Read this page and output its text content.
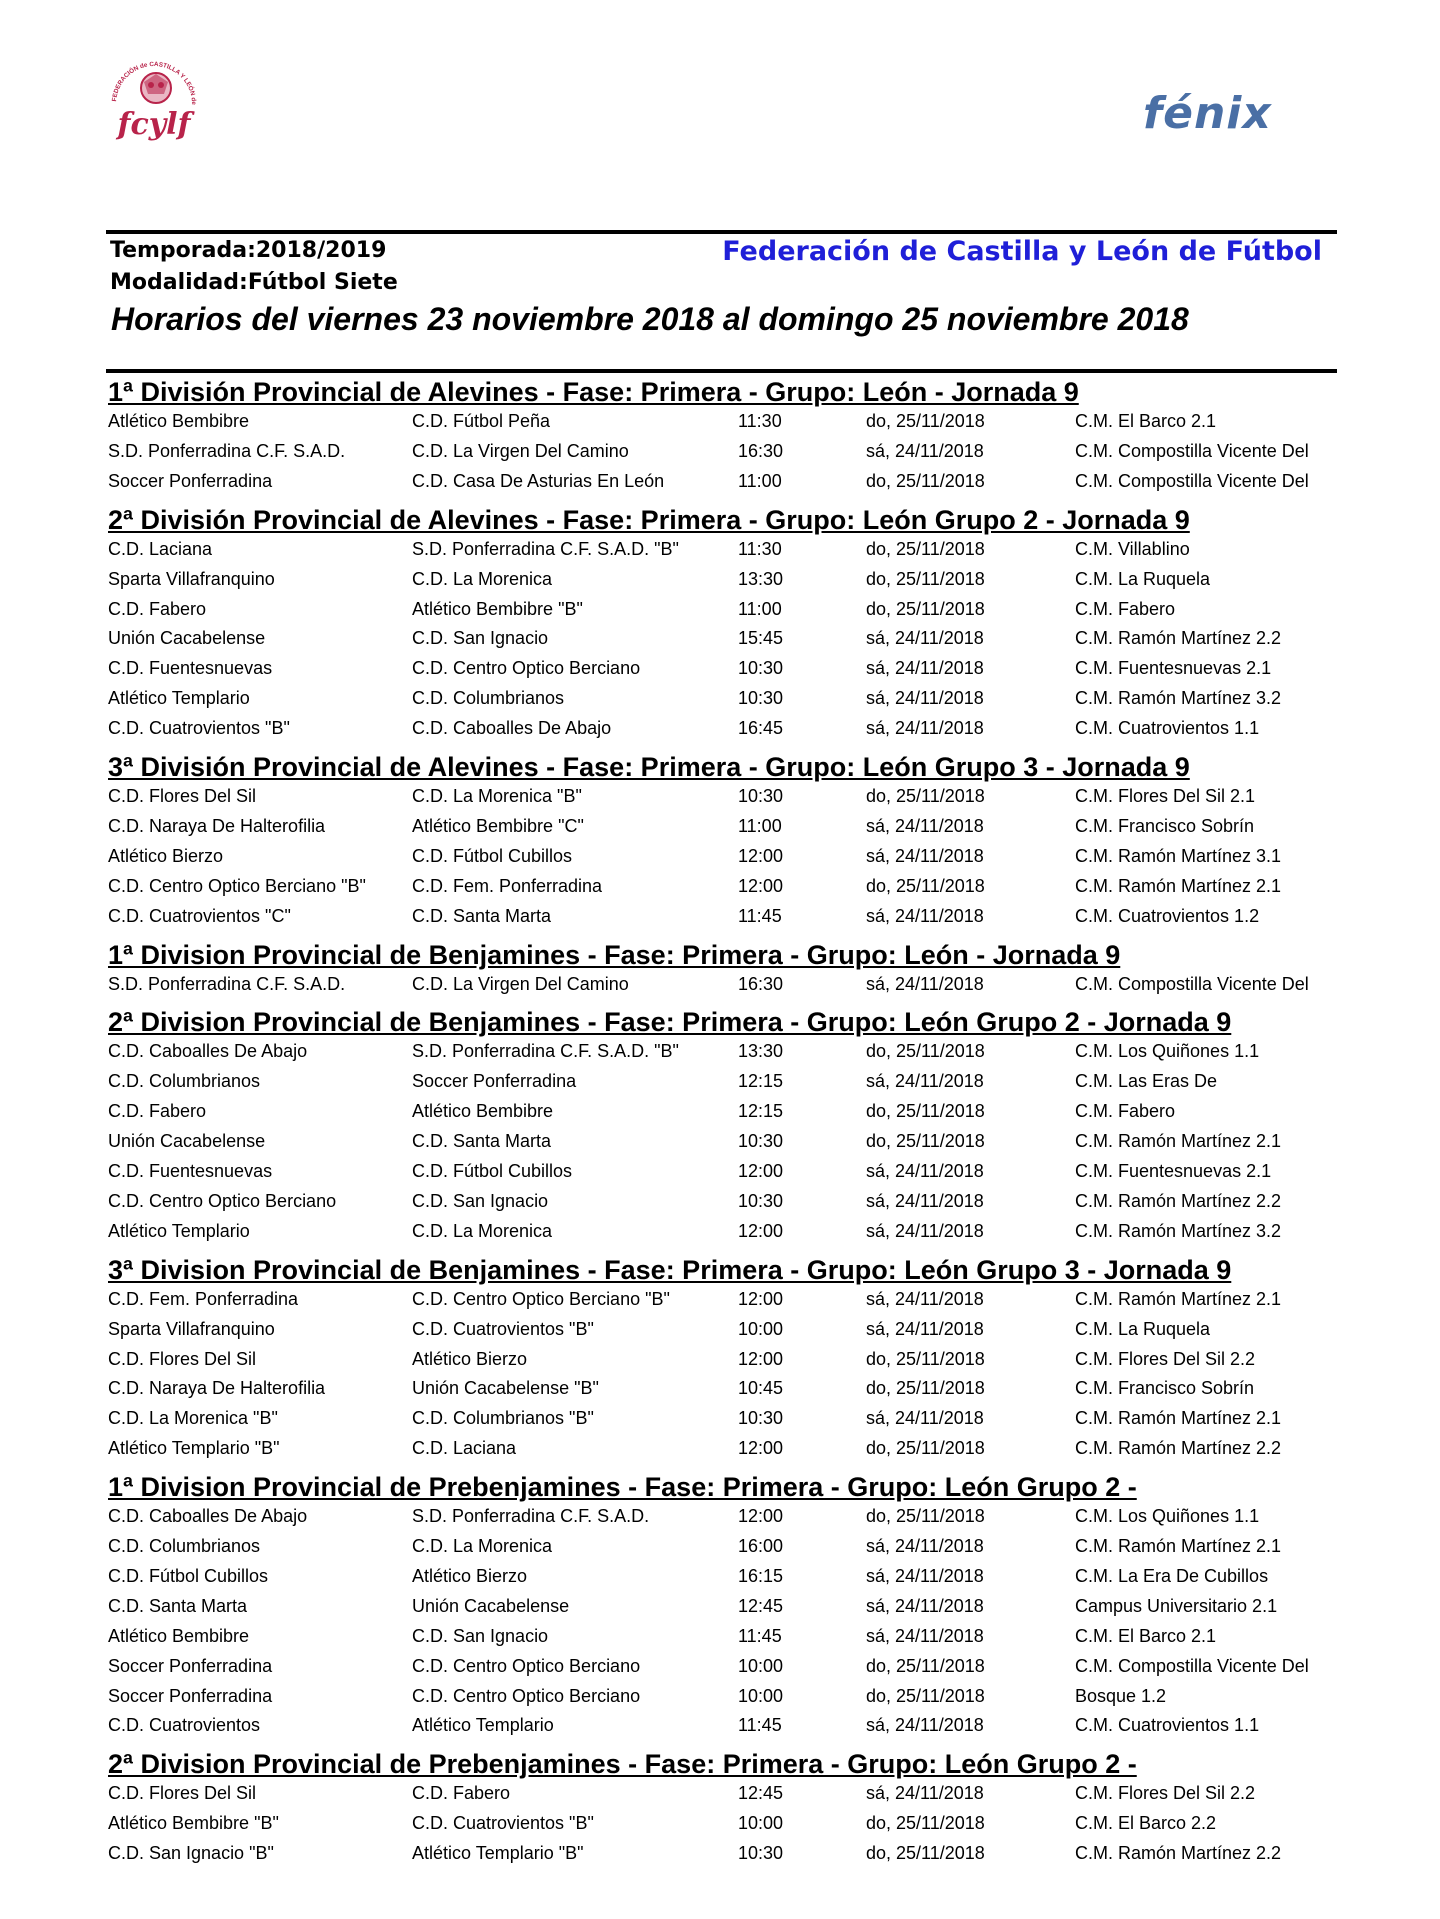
FEDERACIÓN de CASTILLA Y LEÓN de
fcylf	fénix
Temporada:2018/2019	Federación de Castilla y León de Fútbol
Modalidad:Fútbol Siete
Horarios del viernes 23 noviembre 2018 al domingo 25 noviembre 2018
1ª División Provincial de Alevines - Fase: Primera - Grupo: León - Jornada 9
Atlético Bembibre	C.D. Fútbol Peña	11:30	do, 25/11/2018	C.M. El Barco 2.1
S.D. Ponferradina C.F. S.A.D.	C.D. La Virgen Del Camino	16:30	sá, 24/11/2018	C.M. Compostilla Vicente Del
Soccer Ponferradina	C.D. Casa De Asturias En León	11:00	do, 25/11/2018	C.M. Compostilla Vicente Del
2ª División Provincial de Alevines - Fase: Primera - Grupo: León Grupo 2 - Jornada 9
C.D. Laciana	S.D. Ponferradina C.F. S.A.D. "B"	11:30	do, 25/11/2018	C.M. Villablino
Sparta Villafranquino	C.D. La Morenica	13:30	do, 25/11/2018	C.M. La Ruquela
C.D. Fabero	Atlético Bembibre "B"	11:00	do, 25/11/2018	C.M. Fabero
Unión Cacabelense	C.D. San Ignacio	15:45	sá, 24/11/2018	C.M. Ramón Martínez 2.2
C.D. Fuentesnuevas	C.D. Centro Optico Berciano	10:30	sá, 24/11/2018	C.M. Fuentesnuevas 2.1
Atlético Templario	C.D. Columbrianos	10:30	sá, 24/11/2018	C.M. Ramón Martínez 3.2
C.D. Cuatrovientos "B"	C.D. Caboalles De Abajo	16:45	sá, 24/11/2018	C.M. Cuatrovientos 1.1
3ª División Provincial de Alevines - Fase: Primera - Grupo: León Grupo 3 - Jornada 9
C.D. Flores Del Sil	C.D. La Morenica "B"	10:30	do, 25/11/2018	C.M. Flores Del Sil 2.1
C.D. Naraya De Halterofilia	Atlético Bembibre "C"	11:00	sá, 24/11/2018	C.M. Francisco Sobrín
Atlético Bierzo	C.D. Fútbol Cubillos	12:00	sá, 24/11/2018	C.M. Ramón Martínez 3.1
C.D. Centro Optico Berciano "B"	C.D. Fem. Ponferradina	12:00	do, 25/11/2018	C.M. Ramón Martínez 2.1
C.D. Cuatrovientos "C"	C.D. Santa Marta	11:45	sá, 24/11/2018	C.M. Cuatrovientos 1.2
1ª Division Provincial de Benjamines - Fase: Primera - Grupo: León - Jornada 9
S.D. Ponferradina C.F. S.A.D.	C.D. La Virgen Del Camino	16:30	sá, 24/11/2018	C.M. Compostilla Vicente Del
2ª Division Provincial de Benjamines - Fase: Primera - Grupo: León Grupo 2 - Jornada 9
C.D. Caboalles De Abajo	S.D. Ponferradina C.F. S.A.D. "B"	13:30	do, 25/11/2018	C.M. Los Quiñones 1.1
C.D. Columbrianos	Soccer Ponferradina	12:15	sá, 24/11/2018	C.M. Las Eras De
C.D. Fabero	Atlético Bembibre	12:15	do, 25/11/2018	C.M. Fabero
Unión Cacabelense	C.D. Santa Marta	10:30	do, 25/11/2018	C.M. Ramón Martínez 2.1
C.D. Fuentesnuevas	C.D. Fútbol Cubillos	12:00	sá, 24/11/2018	C.M. Fuentesnuevas 2.1
C.D. Centro Optico Berciano	C.D. San Ignacio	10:30	sá, 24/11/2018	C.M. Ramón Martínez 2.2
Atlético Templario	C.D. La Morenica	12:00	sá, 24/11/2018	C.M. Ramón Martínez 3.2
3ª Division Provincial de Benjamines - Fase: Primera - Grupo: León Grupo 3 - Jornada 9
C.D. Fem. Ponferradina	C.D. Centro Optico Berciano "B"	12:00	sá, 24/11/2018	C.M. Ramón Martínez 2.1
Sparta Villafranquino	C.D. Cuatrovientos "B"	10:00	sá, 24/11/2018	C.M. La Ruquela
C.D. Flores Del Sil	Atlético Bierzo	12:00	do, 25/11/2018	C.M. Flores Del Sil 2.2
C.D. Naraya De Halterofilia	Unión Cacabelense "B"	10:45	do, 25/11/2018	C.M. Francisco Sobrín
C.D. La Morenica "B"	C.D. Columbrianos "B"	10:30	sá, 24/11/2018	C.M. Ramón Martínez 2.1
Atlético Templario "B"	C.D. Laciana	12:00	do, 25/11/2018	C.M. Ramón Martínez 2.2
1ª Division Provincial de Prebenjamines - Fase: Primera - Grupo: León Grupo 2 -
C.D. Caboalles De Abajo	S.D. Ponferradina C.F. S.A.D.	12:00	do, 25/11/2018	C.M. Los Quiñones 1.1
C.D. Columbrianos	C.D. La Morenica	16:00	sá, 24/11/2018	C.M. Ramón Martínez 2.1
C.D. Fútbol Cubillos	Atlético Bierzo	16:15	sá, 24/11/2018	C.M. La Era De Cubillos
C.D. Santa Marta	Unión Cacabelense	12:45	sá, 24/11/2018	Campus Universitario 2.1
Atlético Bembibre	C.D. San Ignacio	11:45	sá, 24/11/2018	C.M. El Barco 2.1
Soccer Ponferradina	C.D. Centro Optico Berciano	10:00	do, 25/11/2018	C.M. Compostilla Vicente Del
Soccer Ponferradina	C.D. Centro Optico Berciano	10:00	do, 25/11/2018	Bosque 1.2
C.D. Cuatrovientos	Atlético Templario	11:45	sá, 24/11/2018	C.M. Cuatrovientos 1.1
2ª Division Provincial de Prebenjamines - Fase: Primera - Grupo: León Grupo 2 -
C.D. Flores Del Sil	C.D. Fabero	12:45	sá, 24/11/2018	C.M. Flores Del Sil 2.2
Atlético Bembibre "B"	C.D. Cuatrovientos "B"	10:00	do, 25/11/2018	C.M. El Barco 2.2
C.D. San Ignacio "B"	Atlético Templario "B"	10:30	do, 25/11/2018	C.M. Ramón Martínez 2.2
